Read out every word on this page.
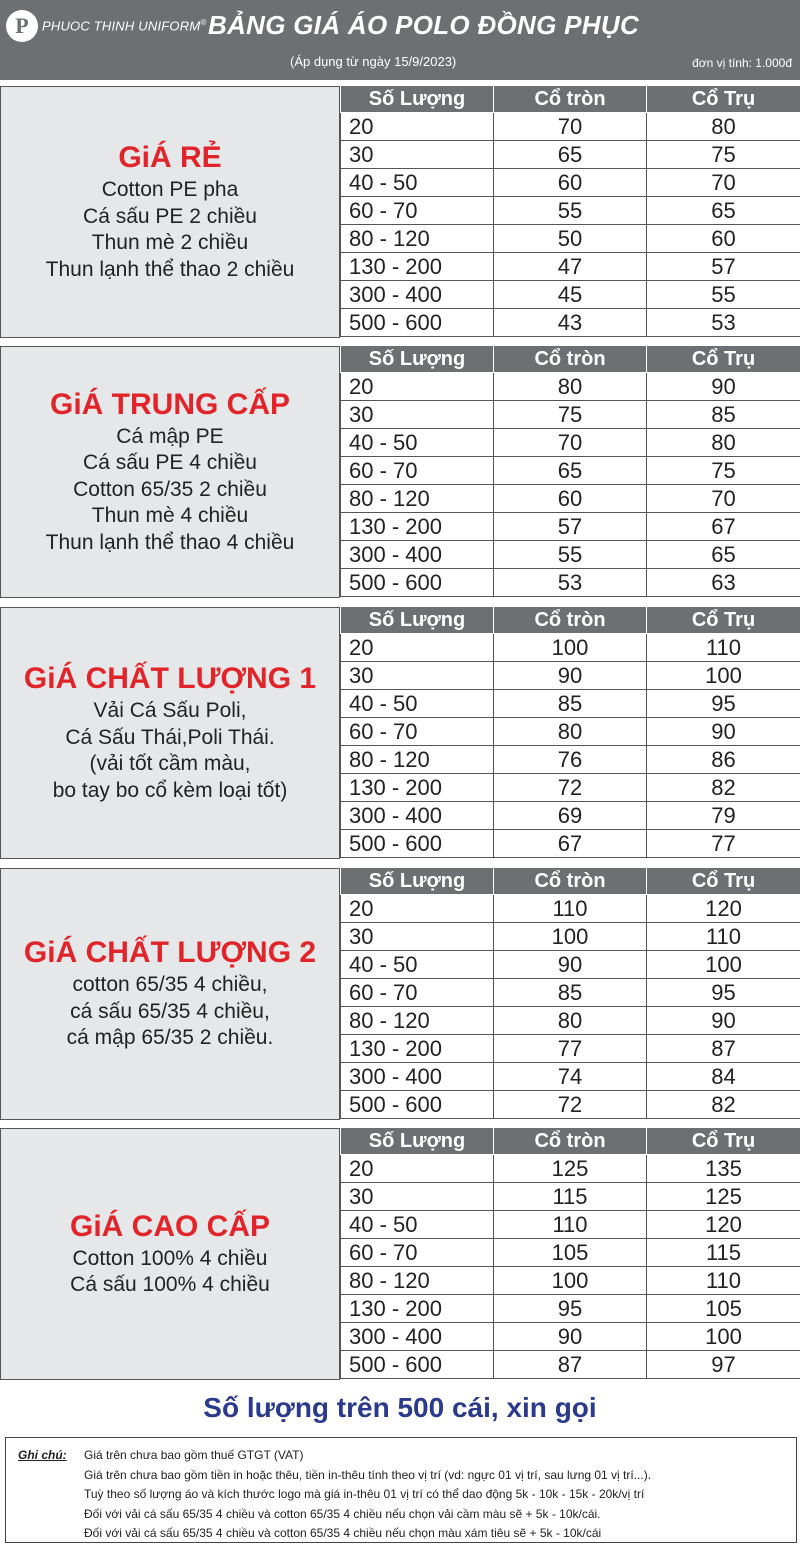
P	PHUOC THINH UNIFORM® BẢNG GIÁ ÁO POLO ĐỒNG PHỤC
(Áp dụng từ ngày 15/9/2023)	đơn vị tính: 1.000đ
GiÁ RẺ
Cotton PE pha
Cá sấu PE 2 chiều
Thun mè 2 chiều
Thun lạnh thể thao 2 chiều
Số Lượng	Cổ tròn	Cổ Trụ
20	70	80
30	65	75
40 - 50	60	70
60 - 70	55	65
80 - 120	50	60
130 - 200	47	57
300 - 400	45	55
500 - 600	43	53
GiÁ TRUNG CẤP
Cá mập PE
Cá sấu PE 4 chiều
Cotton 65/35 2 chiều
Thun mè 4 chiều
Thun lạnh thể thao 4 chiều
Số Lượng	Cổ tròn	Cổ Trụ
20	80	90
30	75	85
40 - 50	70	80
60 - 70	65	75
80 - 120	60	70
130 - 200	57	67
300 - 400	55	65
500 - 600	53	63
GiÁ CHẤT LƯỢNG 1
Vải Cá Sấu Poli,
Cá Sấu Thái,Poli Thái.
(vải tốt cầm màu,
bo tay bo cổ kèm loại tốt)
Số Lượng	Cổ tròn	Cổ Trụ
20	100	110
30	90	100
40 - 50	85	95
60 - 70	80	90
80 - 120	76	86
130 - 200	72	82
300 - 400	69	79
500 - 600	67	77
GiÁ CHẤT LƯỢNG 2
cotton 65/35 4 chiều,
cá sấu 65/35 4 chiều,
cá mập 65/35 2 chiều.
Số Lượng	Cổ tròn	Cổ Trụ
20	110	120
30	100	110
40 - 50	90	100
60 - 70	85	95
80 - 120	80	90
130 - 200	77	87
300 - 400	74	84
500 - 600	72	82
GiÁ CAO CẤP
Cotton 100% 4 chiều
Cá sấu 100% 4 chiều
Số Lượng	Cổ tròn	Cổ Trụ
20	125	135
30	115	125
40 - 50	110	120
60 - 70	105	115
80 - 120	100	110
130 - 200	95	105
300 - 400	90	100
500 - 600	87	97
Số lượng trên 500 cái, xin gọi
Ghi chú: Giá trên chưa bao gồm thuế GTGT (VAT)
Giá trên chưa bao gồm tiền in hoặc thêu, tiền in-thêu tính theo vị trí (vd: ngực 01 vị trí, sau lưng 01 vị trí...).
Tuỳ theo số lượng áo và kích thước logo mà giá in-thêu 01 vị trí có thể dao động 5k - 10k - 15k - 20k/vị trí
Đối với vải cá sấu 65/35 4 chiều và cotton 65/35 4 chiều nếu chọn vải cầm màu sẽ + 5k - 10k/cái.
Đối với vải cá sấu 65/35 4 chiều và cotton 65/35 4 chiều nếu chọn màu xám tiêu sẽ + 5k - 10k/cái
